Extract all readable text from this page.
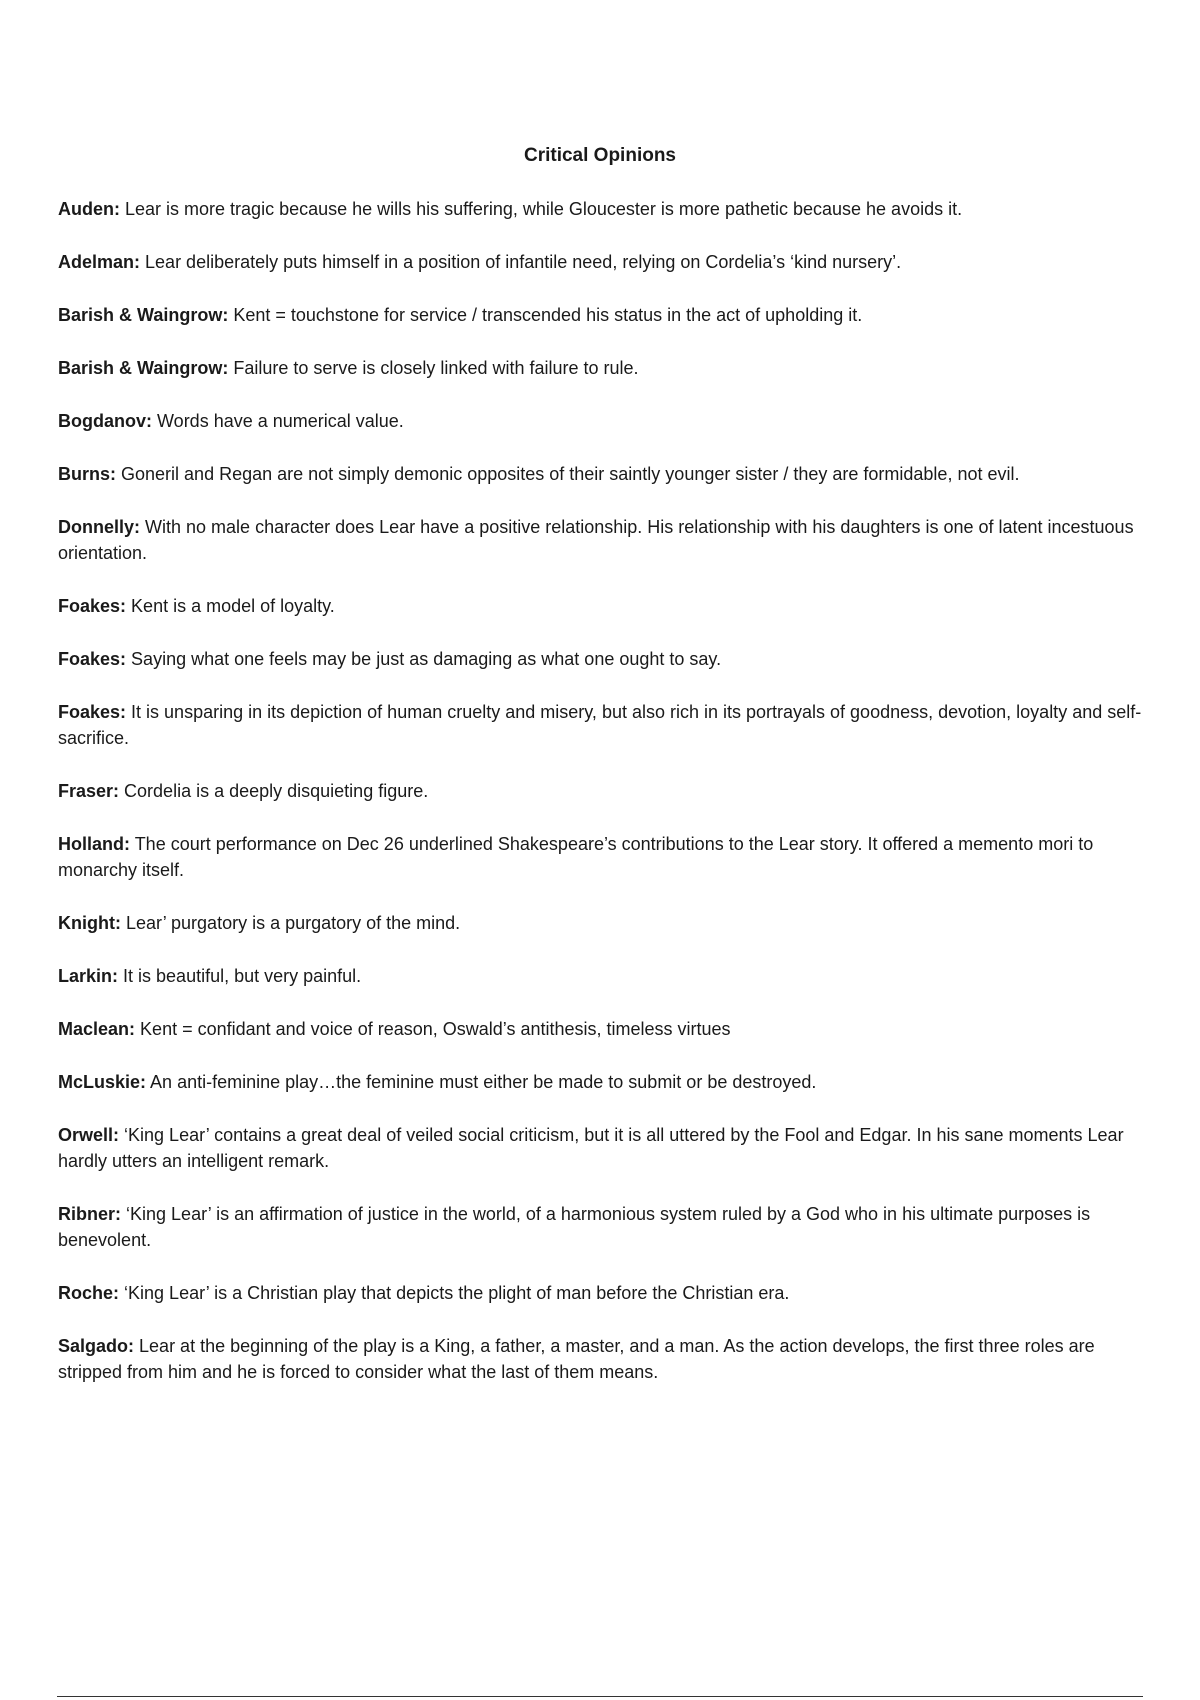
Critical Opinions
Auden: Lear is more tragic because he wills his suffering, while Gloucester is more pathetic because he avoids it.
Adelman: Lear deliberately puts himself in a position of infantile need, relying on Cordelia’s ‘kind nursery’.
Barish & Waingrow: Kent = touchstone for service / transcended his status in the act of upholding it.
Barish & Waingrow: Failure to serve is closely linked with failure to rule.
Bogdanov: Words have a numerical value.
Burns: Goneril and Regan are not simply demonic opposites of their saintly younger sister / they are formidable, not evil.
Donnelly: With no male character does Lear have a positive relationship. His relationship with his daughters is one of latent incestuous orientation.
Foakes: Kent is a model of loyalty.
Foakes: Saying what one feels may be just as damaging as what one ought to say.
Foakes: It is unsparing in its depiction of human cruelty and misery, but also rich in its portrayals of goodness, devotion, loyalty and self-sacrifice.
Fraser: Cordelia is a deeply disquieting figure.
Holland: The court performance on Dec 26 underlined Shakespeare’s contributions to the Lear story. It offered a memento mori to monarchy itself.
Knight: Lear’ purgatory is a purgatory of the mind.
Larkin: It is beautiful, but very painful.
Maclean: Kent = confidant and voice of reason, Oswald’s antithesis, timeless virtues
McLuskie: An anti-feminine play…the feminine must either be made to submit or be destroyed.
Orwell: ‘King Lear’ contains a great deal of veiled social criticism, but it is all uttered by the Fool and Edgar. In his sane moments Lear hardly utters an intelligent remark.
Ribner: ‘King Lear’ is an affirmation of justice in the world, of a harmonious system ruled by a God who in his ultimate purposes is benevolent.
Roche: ‘King Lear’ is a Christian play that depicts the plight of man before the Christian era.
Salgado: Lear at the beginning of the play is a King, a father, a master, and a man. As the action develops, the first three roles are stripped from him and he is forced to consider what the last of them means.
